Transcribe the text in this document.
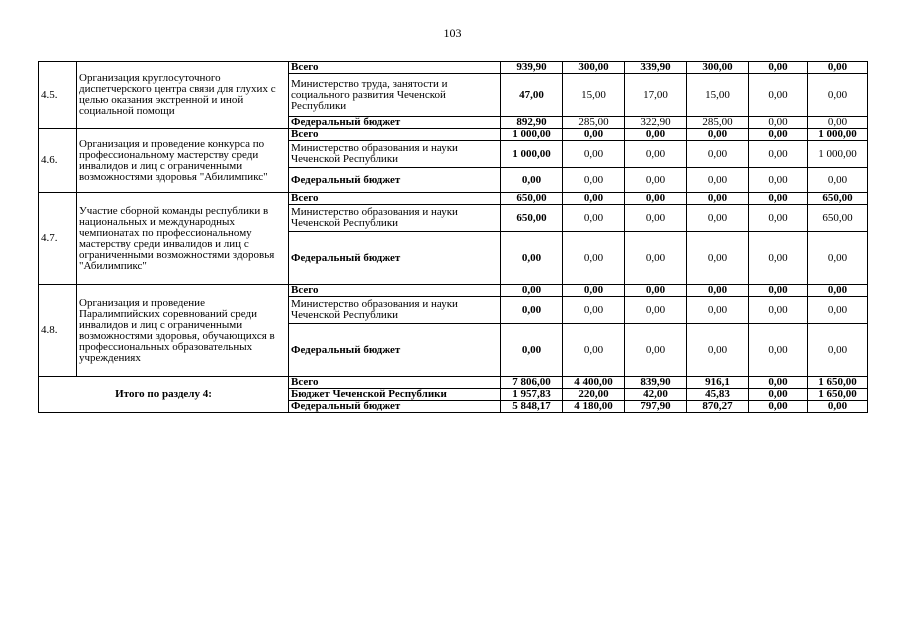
103
4.5.	Организация круглосуточного диспетчерского центра связи для глухих с целью оказания экстренной и иной социальной помощи	Всего	939,90	300,00	339,90	300,00	0,00	0,00
		Министерство труда, занятости и социального развития Чеченской Республики	47,00	15,00	17,00	15,00	0,00	0,00
		Федеральный бюджет	892,90	285,00	322,90	285,00	0,00	0,00
4.6.	Организация и проведение конкурса по профессиональному мастерству среди инвалидов и лиц с ограниченными возможностями здоровья "Абилимпикс"	Всего	1 000,00	0,00	0,00	0,00	0,00	1 000,00
		Министерство образования и науки Чеченской Республики	1 000,00	0,00	0,00	0,00	0,00	1 000,00
		Федеральный бюджет	0,00	0,00	0,00	0,00	0,00	0,00
4.7.	Участие сборной команды республики в национальных и международных чемпионатах по профессиональному мастерству среди инвалидов и лиц с ограниченными возможностями здоровья "Абилимпикс"	Всего	650,00	0,00	0,00	0,00	0,00	650,00
		Министерство образования и науки Чеченской Республики	650,00	0,00	0,00	0,00	0,00	650,00
		Федеральный бюджет	0,00	0,00	0,00	0,00	0,00	0,00
4.8.	Организация и проведение Паралимпийских соревнований среди инвалидов и лиц с ограниченными возможностями здоровья, обучающихся в профессиональных образовательных учреждениях	Всего	0,00	0,00	0,00	0,00	0,00	0,00
		Министерство образования и науки Чеченской Республики	0,00	0,00	0,00	0,00	0,00	0,00
		Федеральный бюджет	0,00	0,00	0,00	0,00	0,00	0,00
Итого по разделу 4:		Всего	7 806,00	4 400,00	839,90	916,1	0,00	1 650,00
		Бюджет Чеченской Республики	1 957,83	220,00	42,00	45,83	0,00	1 650,00
		Федеральный бюджет	5 848,17	4 180,00	797,90	870,27	0,00	0,00
